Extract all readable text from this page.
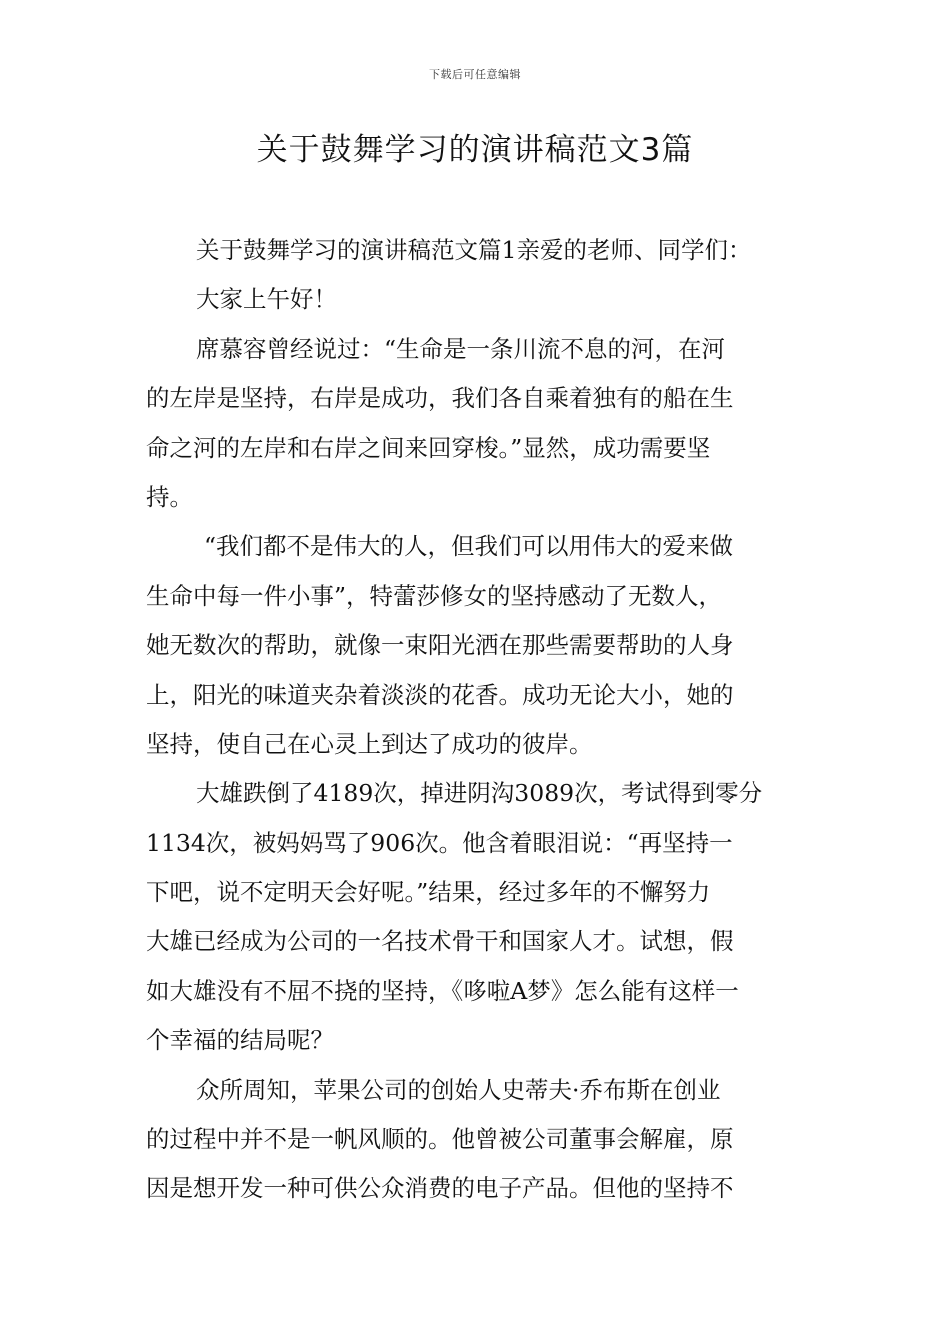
下载后可任意编辑
关于鼓舞学习的演讲稿范文3篇

关于鼓舞学习的演讲稿范文篇1亲爱的老师、同学们：

大家上午好！

席慕容曾经说过：“生命是一条川流不息的河，在河
的左岸是坚持，右岸是成功，我们各自乘着独有的船在生
命之河的左岸和右岸之间来回穿梭。”显然，成功需要坚
持。

“我们都不是伟大的人，但我们可以用伟大的爱来做
生命中每一件小事”，特蕾莎修女的坚持感动了无数人，
她无数次的帮助，就像一束阳光洒在那些需要帮助的人身
上，阳光的味道夹杂着淡淡的花香。成功无论大小，她的
坚持，使自己在心灵上到达了成功的彼岸。

大雄跌倒了4189次，掉进阴沟3089次，考试得到零分
1134次，被妈妈骂了906次。他含着眼泪说：“再坚持一
下吧，说不定明天会好呢。”结果，经过多年的不懈努力
大雄已经成为公司的一名技术骨干和国家人才。试想，假
如大雄没有不屈不挠的坚持，《哆啦A梦》怎么能有这样一
个幸福的结局呢？

众所周知，苹果公司的创始人史蒂夫·乔布斯在创业
的过程中并不是一帆风顺的。他曾被公司董事会解雇，原
因是想开发一种可供公众消费的电子产品。但他的坚持不
